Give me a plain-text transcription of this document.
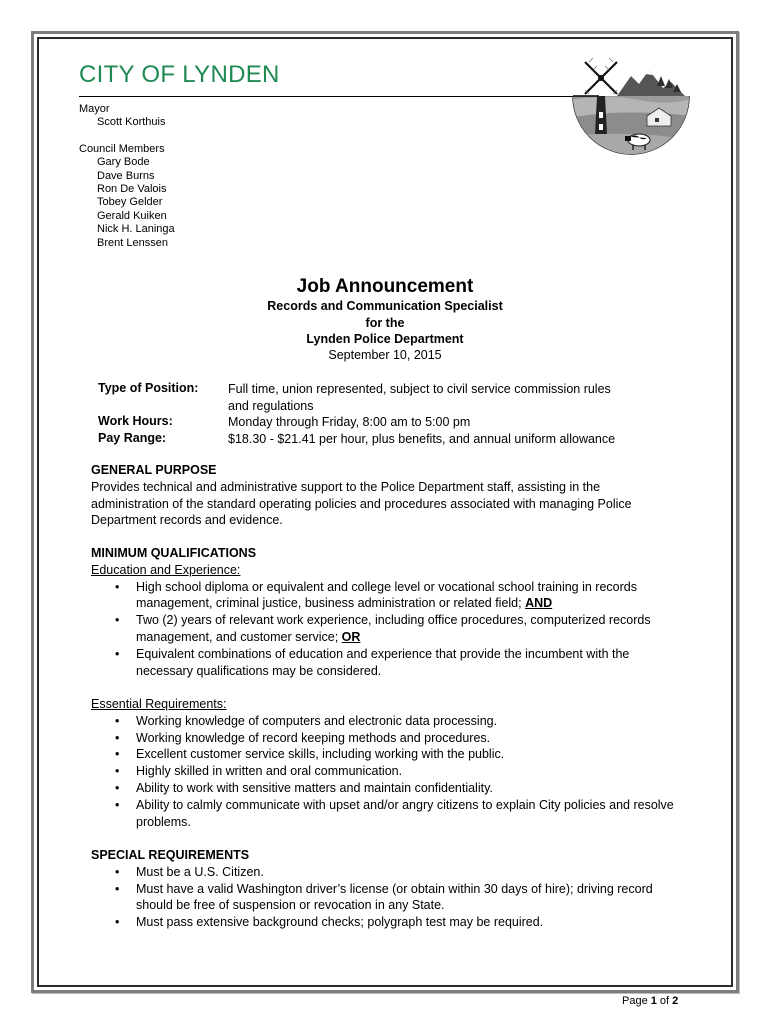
CITY OF LYNDEN

Mayor

Scott Korthuis

Council Members

Gary Bode

Dave Burns

Ron De Valois

Tobey Gelder

Gerald Kuiken

Nick H. Laninga

Brent Lenssen

Job Announcement
Records and Communication Specialist
for the
Lynden Police Department
September 10, 2015
Type of Position: Full time, union represented, subject to civil service commission rules
and regulations
Work Hours:	Monday through Friday, 8:00 am to 5:00 pm
Pay Range:	$18.30 - $21.41 per hour, plus benefits, and annual uniform allowance

GENERAL PURPOSE

Provides technical and administrative support to the Police Department staff, assisting in the administration of the standard operating policies and procedures associated with managing Police Department records and evidence.

MINIMUM QUALIFICATIONS

Education and Experience:

• High school diploma or equivalent and college level or vocational school training in records management, criminal justice, business administration or related field; AND
• Two (2) years of relevant work experience, including office procedures, computerized records management, and customer service; OR
• Equivalent combinations of education and experience that provide the incumbent with the necessary qualifications may be considered.

Essential Requirements:

• Working knowledge of computers and electronic data processing.
• Working knowledge of record keeping methods and procedures.
• Excellent customer service skills, including working with the public.
• Highly skilled in written and oral communication.
• Ability to work with sensitive matters and maintain confidentiality.
• Ability to calmly communicate with upset and/or angry citizens to explain City policies and resolve problems.

SPECIAL REQUIREMENTS

• Must be a U.S. Citizen.
• Must have a valid Washington driver’s license (or obtain within 30 days of hire); driving record should be free of suspension or revocation in any State.
• Must pass extensive background checks; polygraph test may be required.
Page 1 of 2
